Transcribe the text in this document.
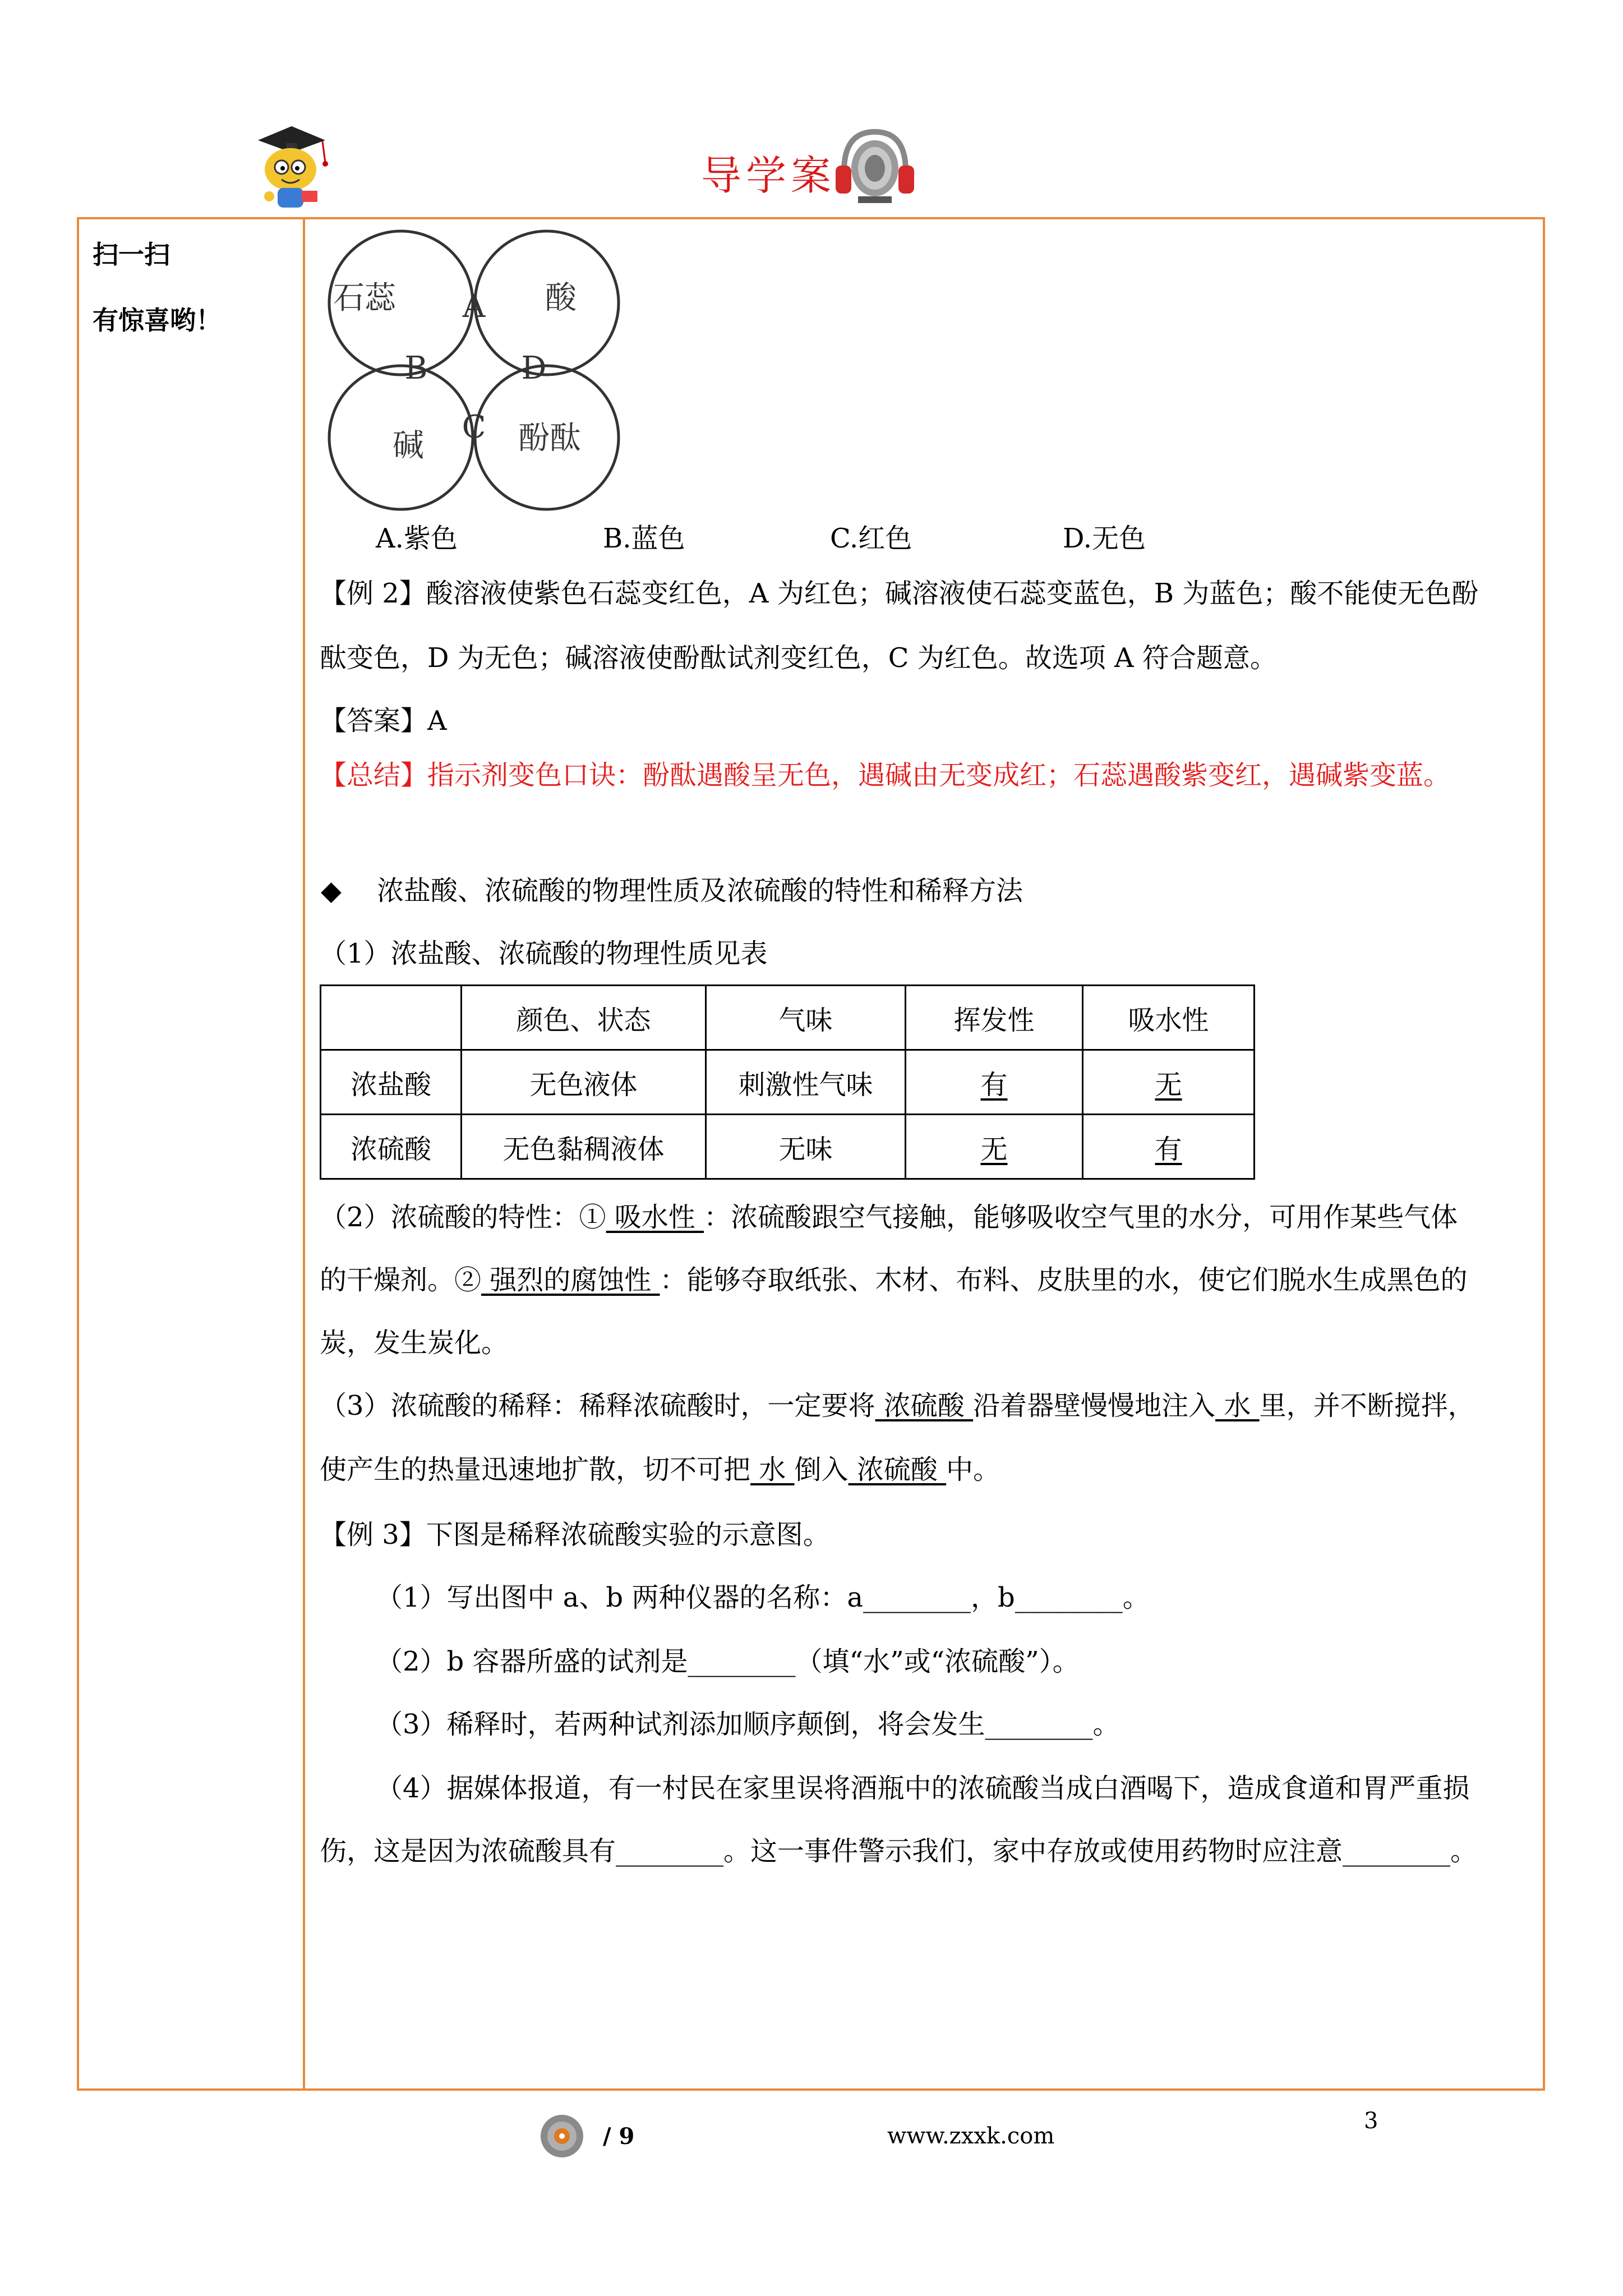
导学案
扫一扫
有惊喜哟！
石蕊	酸
碱	酚酞
A
B	D
C
A.紫色	B.蓝色	C.红色	D.无色
【例 2】酸溶液使紫色石蕊变红色，A 为红色；碱溶液使石蕊变蓝色，B 为蓝色；酸不能使无色酚
酞变色，D 为无色；碱溶液使酚酞试剂变红色，C 为红色。故选项 A 符合题意。
【答案】A
【总结】指示剂变色口诀：酚酞遇酸呈无色，遇碱由无变成红；石蕊遇酸紫变红，遇碱紫变蓝。
◆ 浓盐酸、浓硫酸的物理性质及浓硫酸的特性和稀释方法
（1）浓盐酸、浓硫酸的物理性质见表
	颜色、状态	气味	挥发性	吸水性
浓盐酸	无色液体	刺激性气味	有	无
浓硫酸	无色黏稠液体	无味	无	有
（2）浓硫酸的特性：① 吸水性 ：浓硫酸跟空气接触，能够吸收空气里的水分，可用作某些气体
的干燥剂。② 强烈的腐蚀性 ：能够夺取纸张、木材、布料、皮肤里的水，使它们脱水生成黑色的
炭，发生炭化。
（3）浓硫酸的稀释：稀释浓硫酸时，一定要将 浓硫酸 沿着器壁慢慢地注入 水 里，并不断搅拌，
使产生的热量迅速地扩散，切不可把 水 倒入 浓硫酸 中。
【例 3】下图是稀释浓硫酸实验的示意图。
（1）写出图中 a、b 两种仪器的名称：a________，b________。
（2）b 容器所盛的试剂是________（填“水”或“浓硫酸”）。
（3）稀释时，若两种试剂添加顺序颠倒，将会发生________。
（4）据媒体报道，有一村民在家里误将酒瓶中的浓硫酸当成白酒喝下，造成食道和胃严重损
伤，这是因为浓硫酸具有________。这一事件警示我们，家中存放或使用药物时应注意________。
/ 9	www.zxxk.com
3
